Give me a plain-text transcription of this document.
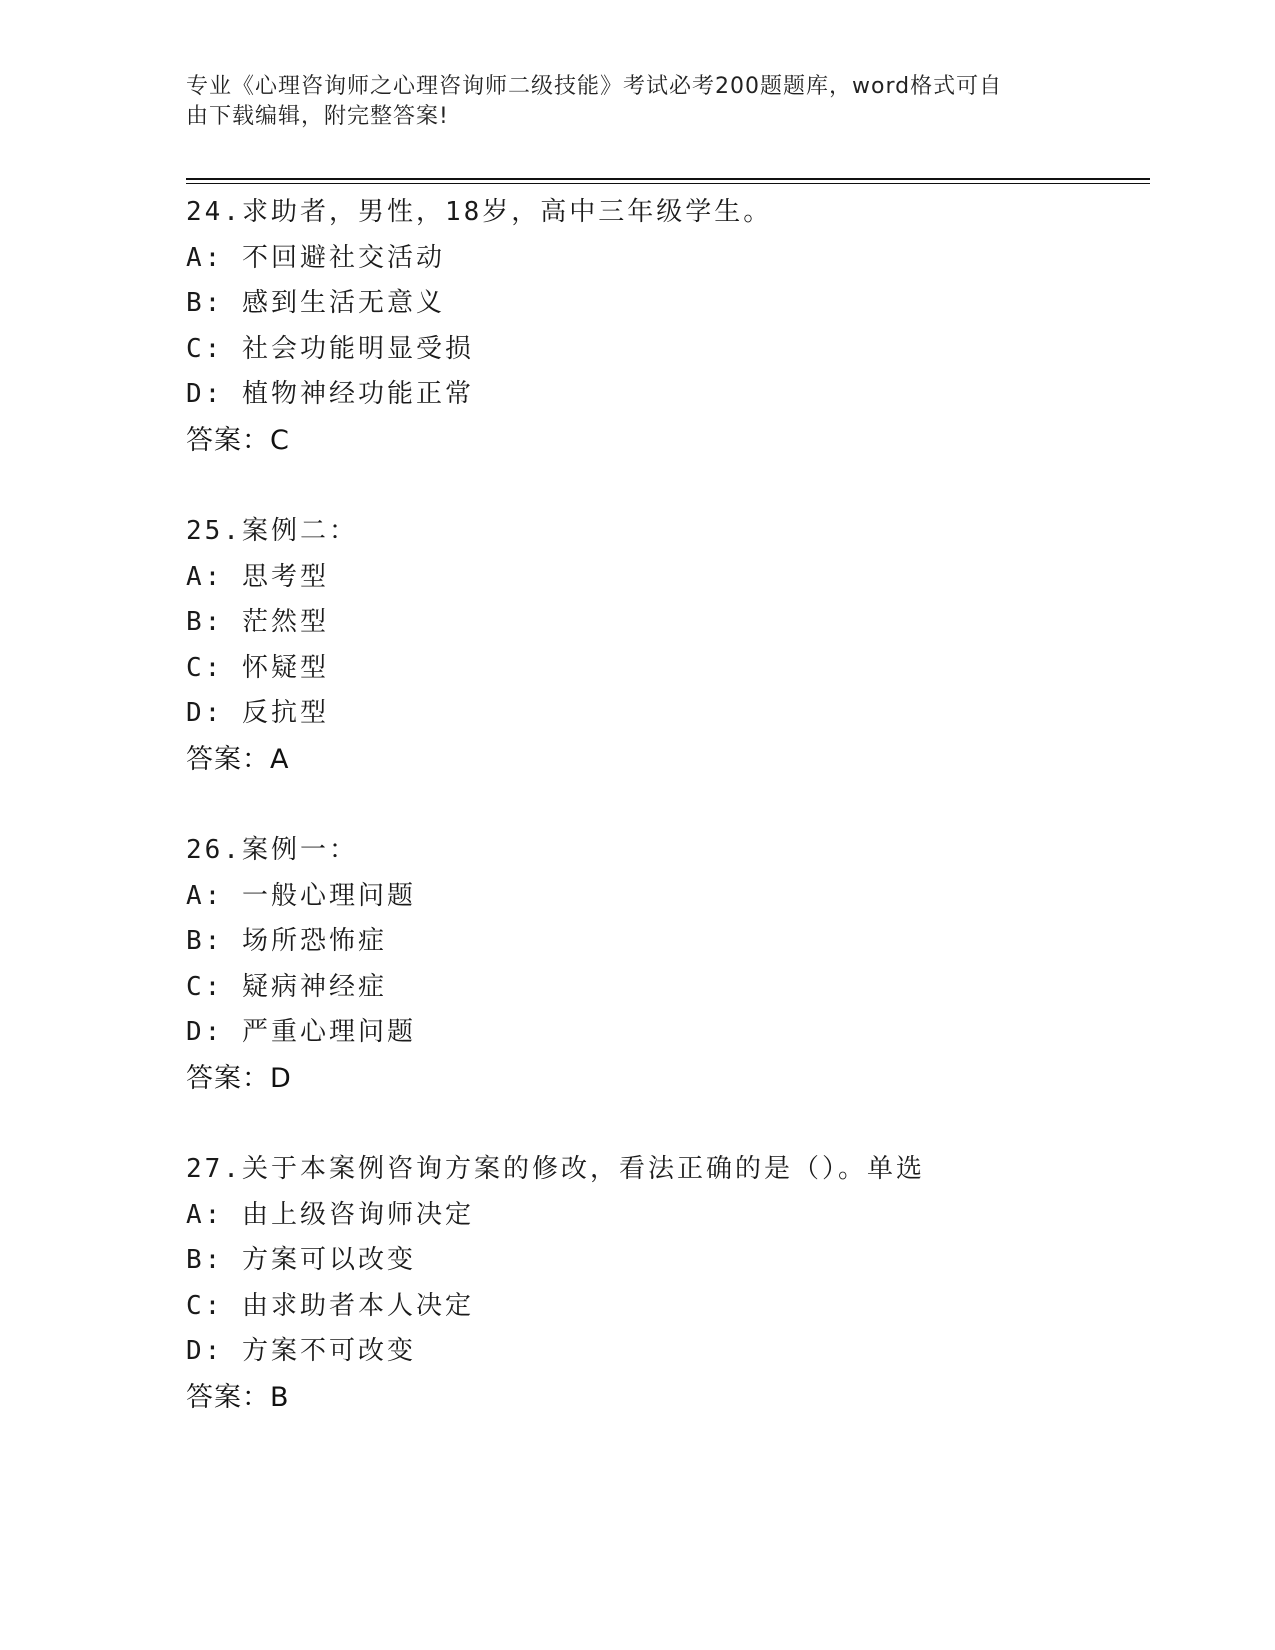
专业《心理咨询师之心理咨询师二级技能》考试必考200题题库，word格式可自
由下载编辑，附完整答案!
24.求助者，男性，18岁，高中三年级学生。
A: 不回避社交活动
B: 感到生活无意义
C: 社会功能明显受损
D: 植物神经功能正常
答案：C
25.案例二：
A: 思考型
B: 茫然型
C: 怀疑型
D: 反抗型
答案：A
26.案例一：
A: 一般心理问题
B: 场所恐怖症
C: 疑病神经症
D: 严重心理问题
答案：D
27.关于本案例咨询方案的修改，看法正确的是（）。单选
A: 由上级咨询师决定
B: 方案可以改变
C: 由求助者本人决定
D: 方案不可改变
答案：B
